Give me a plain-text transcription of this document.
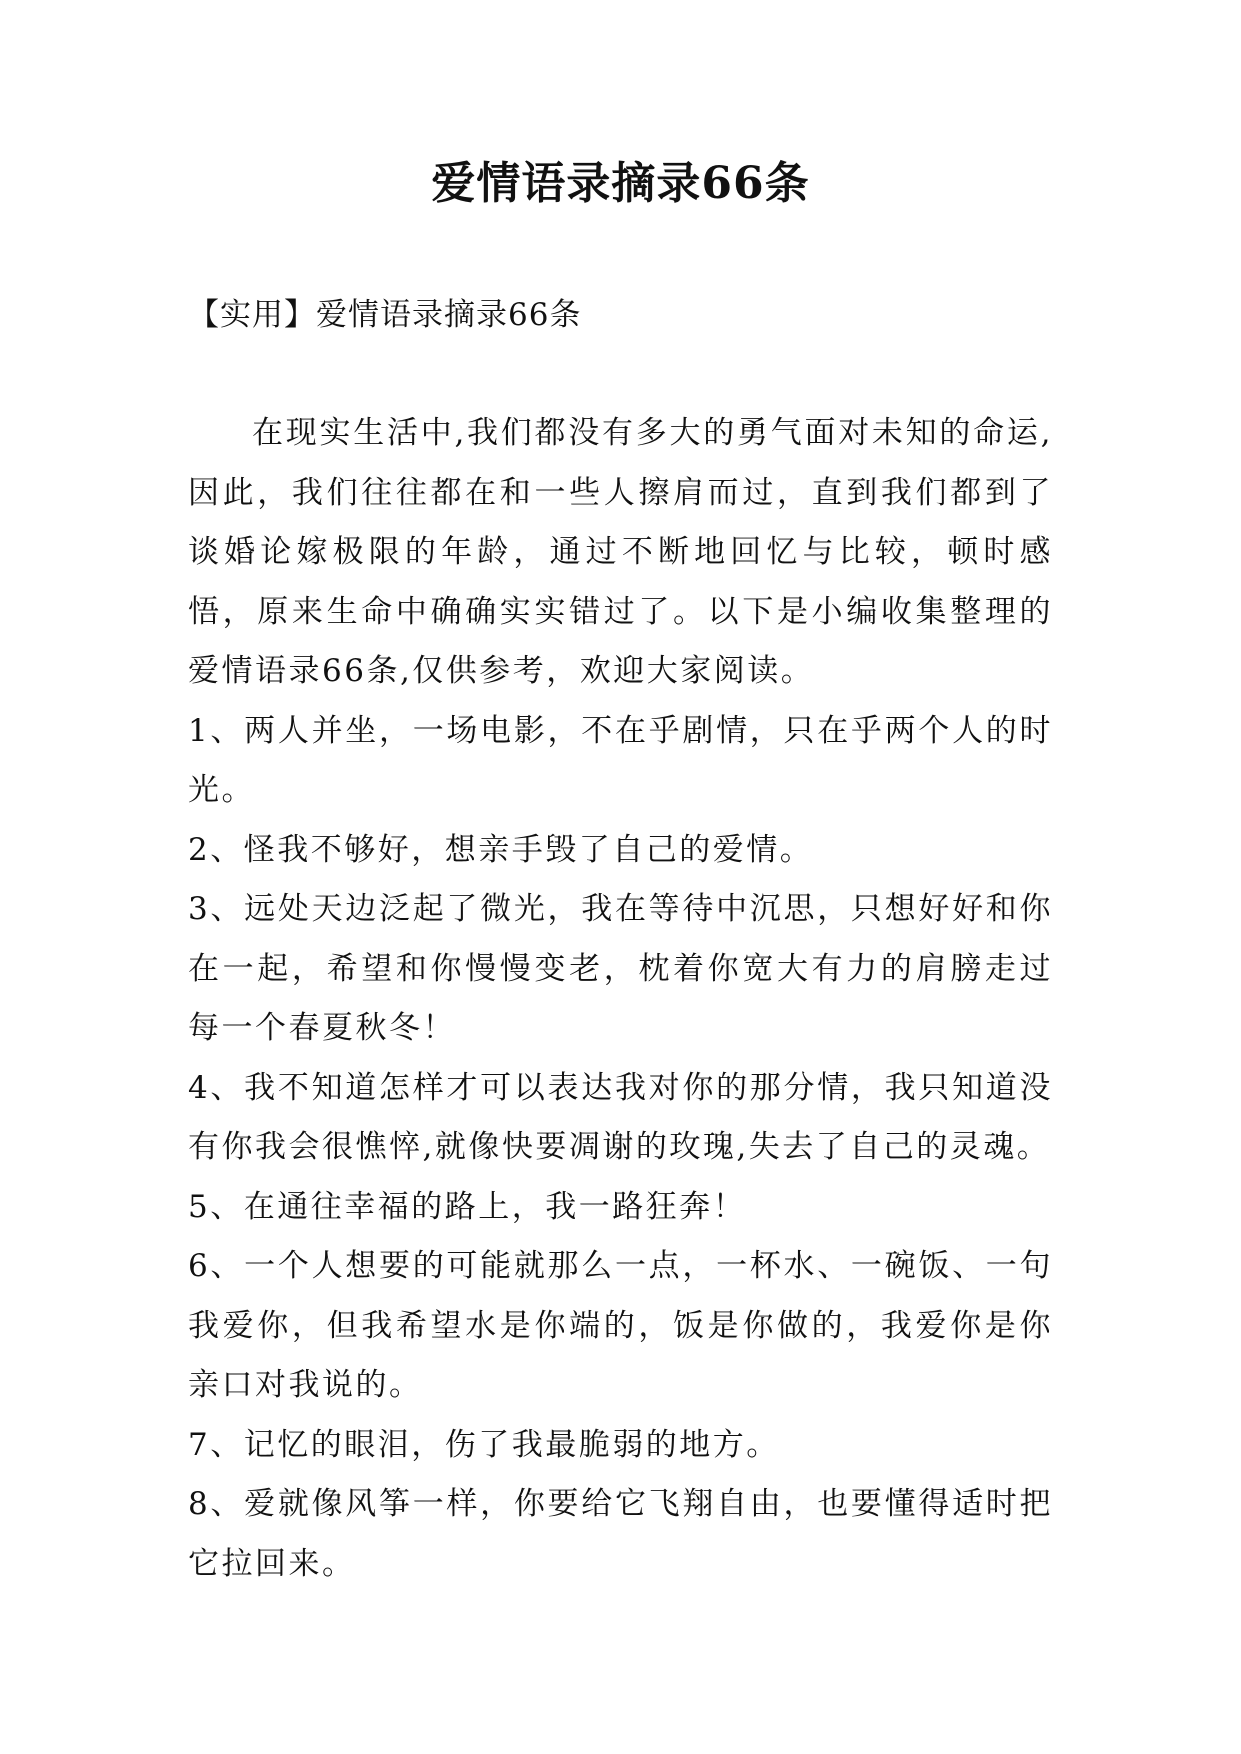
爱情语录摘录66条
【实用】爱情语录摘录66条

在现实生活中,我们都没有多大的勇气面对未知的命运,因此，我们往往都在和一些人擦肩而过，直到我们都到了谈婚论嫁极限的年龄，通过不断地回忆与比较，顿时感悟，原来生命中确确实实错过了。以下是小编收集整理的爱情语录66条,仅供参考，欢迎大家阅读。

1、两人并坐，一场电影，不在乎剧情，只在乎两个人的时光。

2、怪我不够好，想亲手毁了自己的爱情。

3、远处天边泛起了微光，我在等待中沉思，只想好好和你在一起，希望和你慢慢变老，枕着你宽大有力的肩膀走过每一个春夏秋冬！

4、我不知道怎样才可以表达我对你的那分情，我只知道没有你我会很憔悴,就像快要凋谢的玫瑰,失去了自己的灵魂。

5、在通往幸福的路上，我一路狂奔！

6、一个人想要的可能就那么一点，一杯水、一碗饭、一句我爱你，但我希望水是你端的，饭是你做的，我爱你是你亲口对我说的。

7、记忆的眼泪，伤了我最脆弱的地方。

8、爱就像风筝一样，你要给它飞翔自由，也要懂得适时把它拉回来。
